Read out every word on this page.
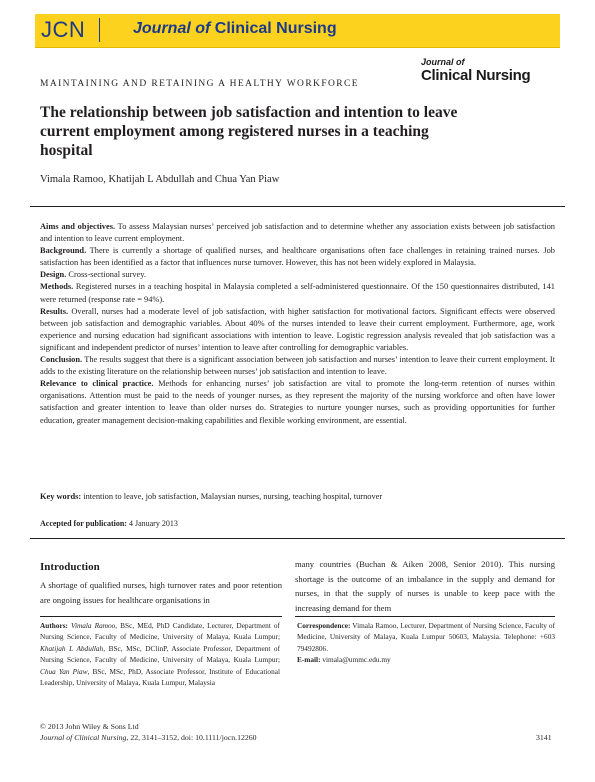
JCN	Journal of Clinical Nursing
Journal of
Clinical Nursing
MAINTAINING AND RETAINING A HEALTHY WORKFORCE
The relationship between job satisfaction and intention to leave
current employment among registered nurses in a teaching
hospital
Vimala Ramoo, Khatijah L Abdullah and Chua Yan Piaw

Aims and objectives. To assess Malaysian nurses’ perceived job satisfaction and to determine whether any association exists between job satisfaction and intention to leave current employment.

Background. There is currently a shortage of qualified nurses, and healthcare organisations often face challenges in retaining trained nurses. Job satisfaction has been identified as a factor that influences nurse turnover. However, this has not been widely explored in Malaysia.

Design. Cross-sectional survey.

Methods. Registered nurses in a teaching hospital in Malaysia completed a self-administered questionnaire. Of the 150 questionnaires distributed, 141 were returned (response rate = 94%).

Results. Overall, nurses had a moderate level of job satisfaction, with higher satisfaction for motivational factors. Significant effects were observed between job satisfaction and demographic variables. About 40% of the nurses intended to leave their current employment. Furthermore, age, work experience and nursing education had significant associations with intention to leave. Logistic regression analysis revealed that job satisfaction was a significant and independent predictor of nurses’ intention to leave after controlling for demographic variables.

Conclusion. The results suggest that there is a significant association between job satisfaction and nurses’ intention to leave their current employment. It adds to the existing literature on the relationship between nurses’ job satisfaction and intention to leave.

Relevance to clinical practice. Methods for enhancing nurses’ job satisfaction are vital to promote the long-term retention of nurses within organisations. Attention must be paid to the needs of younger nurses, as they represent the majority of the nursing workforce and often have lower satisfaction and greater intention to leave than older nurses do. Strategies to nurture younger nurses, such as providing opportunities for further education, greater management decision-making capabilities and flexible working environment, are essential.

Key words: intention to leave, job satisfaction, Malaysian nurses, nursing, teaching hospital, turnover
Accepted for publication: 4 January 2013
Introduction

A shortage of qualified nurses, high turnover rates and poor retention are ongoing issues for healthcare organisations in

many countries (Buchan & Aiken 2008, Senior 2010). This nursing shortage is the outcome of an imbalance in the supply and demand for nurses, in that the supply of nurses is unable to keep pace with the increasing demand for them

Authors: Vimala Ramoo, BSc, MEd, PhD Candidate, Lecturer, Department of Nursing Science, Faculty of Medicine, University of Malaya, Kuala Lumpur; Khatijah L Abdullah, BSc, MSc, DClinP, Associate Professor, Department of Nursing Science, Faculty of Medicine, University of Malaya, Kuala Lumpur; Chua Yan Piaw, BSc, MSc, PhD, Associate Professor, Institute of Educational Leadership, University of Malaya, Kuala Lumpur, Malaysia

Correspondence: Vimala Ramoo, Lecturer, Department of Nursing Science, Faculty of Medicine, University of Malaya, Kuala Lumpur 50603, Malaysia. Telephone: +603 79492806.

E-mail: vimala@ummc.edu.my

© 2013 John Wiley & Sons Ltd
Journal of Clinical Nursing, 22, 3141–3152, doi: 10.1111/jocn.12260	3141
